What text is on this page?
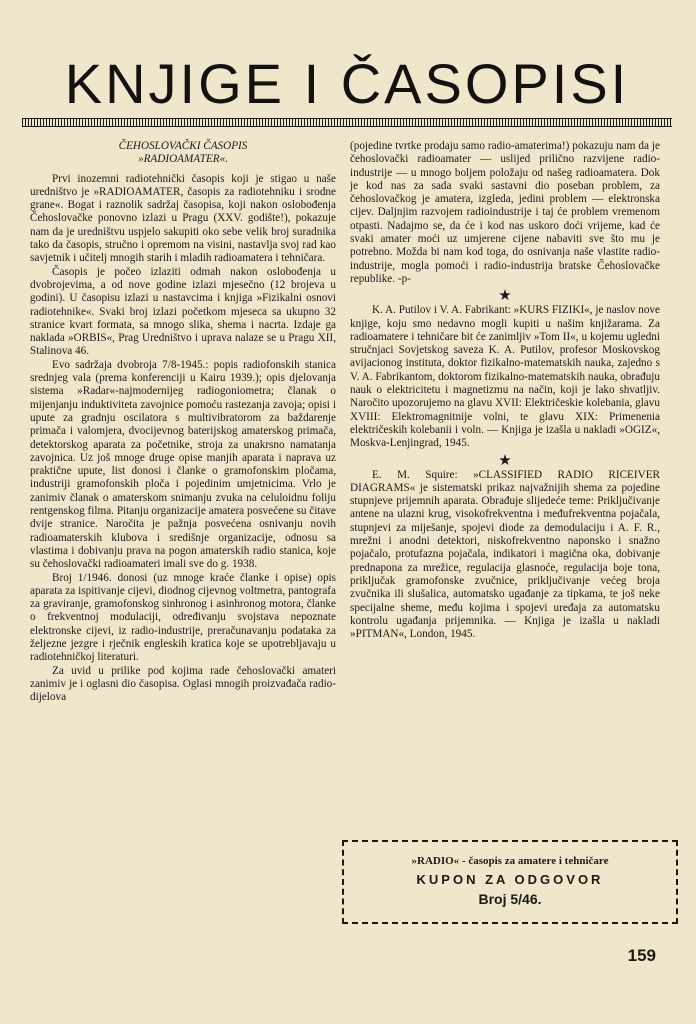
KNJIGE I ČASOPISI
ČEHOSLOVAČKI ČASOPIS
»RADIOAMATER«.

Prvi inozemni radiotehnički časopis koji je stigao u naše uredništvo je »RADIOAMATER, časopis za radiotehniku i srodne grane«. Bogat i raznolik sadržaj časopisa, koji nakon oslobođenja Čehoslovačke ponovno izlazi u Pragu (XXV. godište!), pokazuje nam da je uredništvu uspjelo sakupiti oko sebe velik broj suradnika tako da časopis, stručno i opremom na visini, nastavlja svoj rad kao savjetnik i učitelj mnogih starih i mladih radioamatera i tehničara.

Časopis je počeo izlaziti odmah nakon oslobođenja u dvobrojevima, a od nove godine izlazi mjesečno (12 brojeva u godini). U časopisu izlazi u nastavcima i knjiga »Fizikalni osnovi radiotehnike«. Svaki broj izlazi početkom mjeseca sa ukupno 32 stranice kvart formata, sa mnogo slika, shema i nacrta. Izdaje ga naklada »ORBIS«, Prag Uredništvo i uprava nalaze se u Pragu XII, Stalinova 46.

Evo sadržaja dvobroja 7/8-1945.: popis radiofonskih stanica srednjeg vala (prema konferenciji u Kairu 1939.); opis djelovanja sistema »Radar«-najmodernijeg radiogoniometra; članak o mijenjanju induktiviteta zavojnice pomoću rastezanja zavoja; opisi i upute za gradnju oscilatora s multivibratorom za baždarenje primača i valomjera, dvocijevnog baterijskog amaterskog primača, detektorskog aparata za početnike, stroja za unakrsno namatanja zavojnica. Uz još mnoge druge opise manjih aparata i naprava uz praktične upute, list donosi i članke o gramofonskim pločama, industriji gramofonskih ploča i pojedinim umjetnicima. Vrlo je zanimiv članak o amaterskom snimanju zvuka na celuloidnu foliju rentgenskog filma. Pitanju organizacije amatera posvećene su čitave dvije stranice. Naročita je pažnja posvećena osnivanju novih radioamaterskih klubova i središnje organizacije, odnosu sa vlastima i dobivanju prava na pogon amaterskih radio stanica, koje su čehoslovački radioamateri imali sve do g. 1938.

Broj 1/1946. donosi (uz mnoge kraće članke i opise) opis aparata za ispitivanje cijevi, diodnog cijevnog voltmetra, pantografa za graviranje, gramofonskog sinhronog i asinhronog motora, članke o frekventnoj modulaciji, određivanju svojstava nepoznate elektronske cijevi, iz radio-industrije, preračunavanju podataka za željezne jezgre i rječnik engleskih kratica koje se upotrebljavaju u radiotehničkoj literaturi.

Za uvid u prilike pod kojima rade čehoslovački amateri zanimiv je i oglasni dio časopisa. Oglasi mnogih proizvađača radio-dijelova

(pojedine tvrtke prodaju samo radio-amaterima!) pokazuju nam da je čehoslovački radioamater — uslijed prilično razvijene radio-industrije — u mnogo boljem položaju od našeg radioamatera. Dok je kod nas za sada svaki sastavni dio poseban problem, za čehoslovačkog je amatera, izgleda, jedini problem — elektronska cijev. Daljnjim razvojem radioindustrije i taj će problem vremenom otpasti. Nadajmo se, da će i kod nas uskoro doći vrijeme, kad će svaki amater moći uz umjerene cijene nabaviti sve što mu je potrebno. Možda bi nam kod toga, do osnivanja naše vlastite radio-industrije, mogla pomoći i radio-industrija bratske Čehoslovačke republike. -p-

★

K. A. Putilov i V. A. Fabrikant: »KURS FIZIKI«, je naslov nove knjige, koju smo nedavno mogli kupiti u našim knjižarama. Za radioamatere i tehničare bit će zanimljiv »Tom II«, u kojemu ugledni stručnjaci Sovjetskog saveza K. A. Putilov, profesor Moskovskog avijacionog instituta, doktor fizikalno-matematskih nauka, zajedno s V. A. Fabrikantom, doktorom fizikalno-matematskih nauka, obrađuju nauk o elektricitetu i magnetizmu na način, koji je lako shvatljiv. Naročito upozorujemo na glavu XVII: Električeskie kolebania, glavu XVIII: Elektromagnitnije volni, te glavu XIX: Primenenia električeskih kolebanii i voln. — Knjiga je izašla u nakladi »OGIZ«, Moskva-Lenjingrad, 1945.

★

E. M. Squire: »CLASSIFIED RADIO RICEIVER DIAGRAMS« je sistematski prikaz najvažnijih shema za pojedine stupnjeve prijemnih aparata. Obrađuje slijedeće teme: Priključivanje antene na ulazni krug, visokofrekventna i međufrekventna pojačala, stupnjevi za miješanje, spojevi diode za demodulaciju i A. F. R., mrežni i anodni detektori, niskofrekventno naponsko i snažno pojačalo, protufazna pojačala, indikatori i magična oka, dobivanje prednapona za mrežice, regulacija glasnoće, regulacija boje tona, priključak gramofonske zvučnice, priključivanje većeg broja zvučnika ili slušalica, automatsko ugađanje za tipkama, te još neke specijalne sheme, među kojima i spojevi uređaja za automatsku kontrolu ugađanja prijemnika. — Knjiga je izašla u nakladi »PITMAN«, London, 1945.

»RADIO« - časopis za amatere i tehničare
KUPON ZA ODGOVOR
Broj 5/46.
159
